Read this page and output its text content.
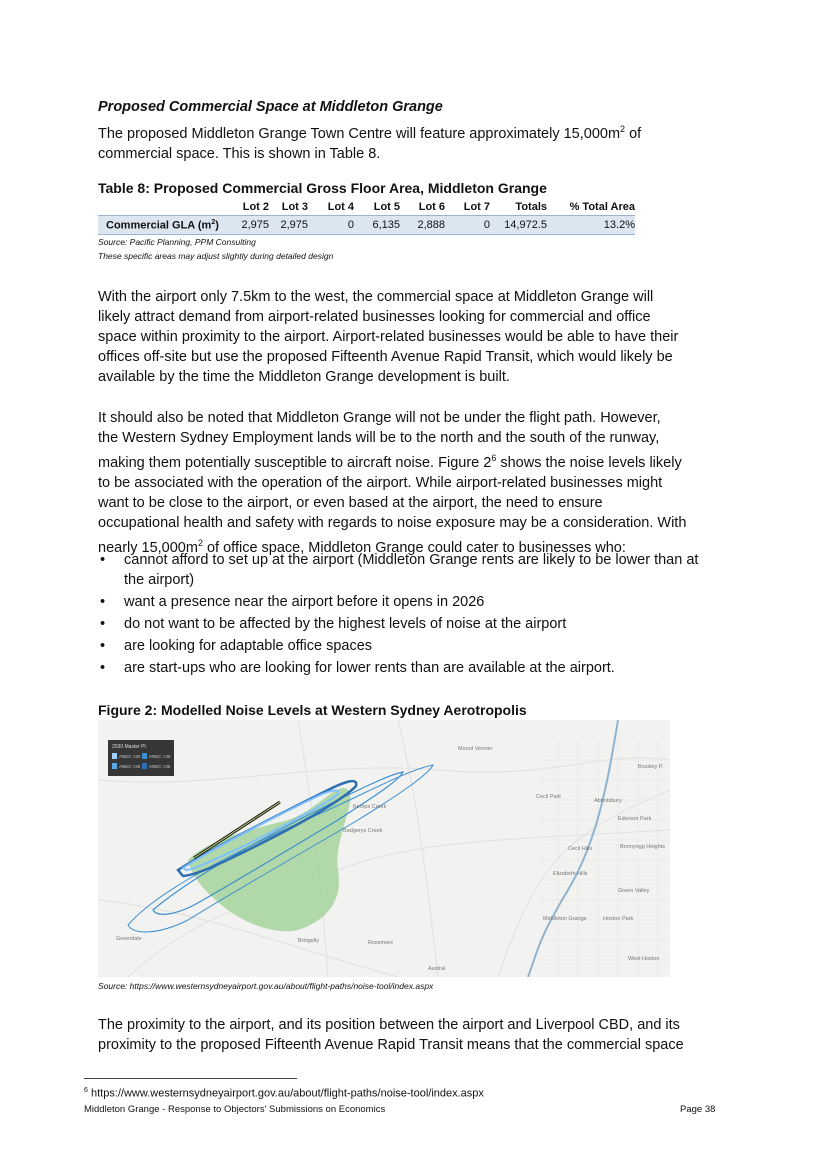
Proposed Commercial Space at Middleton Grange
The proposed Middleton Grange Town Centre will feature approximately $15,000m^2$ of
commercial space. This is shown in Table 8.
Table 8: Proposed Commercial Gross Floor Area, Middleton Grange
	Lot 2	Lot 3	Lot 4	Lot 5	Lot 6	Lot 7	Totals	% Total Area
Commercial GLA $(m^2)$	2,975	2,975	0	6,135	2,888	0	14,972.5	13.2%
Source: Pacific Planning, PPM Consulting
These specific areas may adjust slightly during detailed design
With the airport only 7.5km to the west, the commercial space at Middleton Grange will
likely attract demand from airport-related businesses looking for commercial and office
space within proximity to the airport. Airport-related businesses would be able to have their
offices off-site but use the proposed Fifteenth Avenue Rapid Transit, which would likely be
available by the time the Middleton Grange development is built.
It should also be noted that Middleton Grange will not be under the flight path. However,
the Western Sydney Employment lands will be to the north and the south of the runway,
making them potentially susceptible to aircraft noise. Figure $2^6$ shows the noise levels likely
to be associated with the operation of the airport. While airport-related businesses might
want to be close to the airport, or even based at the airport, the need to ensure
occupational health and safety with regards to noise exposure may be a consideration. With
nearly $15,000m^2$ of office space, Middleton Grange could cater to businesses who:
• cannot afford to set up at the airport (Middleton Grange rents are likely to be lower than at the airport)
• want a presence near the airport before it opens in 2026
• do not want to be affected by the highest levels of noise at the airport
• are looking for adaptable office spaces
• are start-ups who are looking for lower rents than are available at the airport.
Figure 2: Modelled Noise Levels at Western Sydney Aerotropolis
2030 Master Pl.
ANEC >20 ANEC >30
ANEC >25 ANEC >35
Mount Vernon
Kemps Creek
Badgerys Creek
Cecil Park
Abbotsbury
Bossley P.
Edensor Park
Bonnyrigg Heights
Cecil Hills
Elizabeth Hills
Green Valley
Middleton Grange	Hoxton Park
Bringelly	Rossmore
Austral
Greendale
West Hoxton
Source: https://www.westernsydneyairport.gov.au/about/flight-paths/noise-tool/index.aspx
The proximity to the airport, and its position between the airport and Liverpool CBD, and its
proximity to the proposed Fifteenth Avenue Rapid Transit means that the commercial space
$^6$ https://www.westernsydneyairport.gov.au/about/flight-paths/noise-tool/index.aspx
Middleton Grange - Response to Objectors' Submissions on Economics	Page 38
